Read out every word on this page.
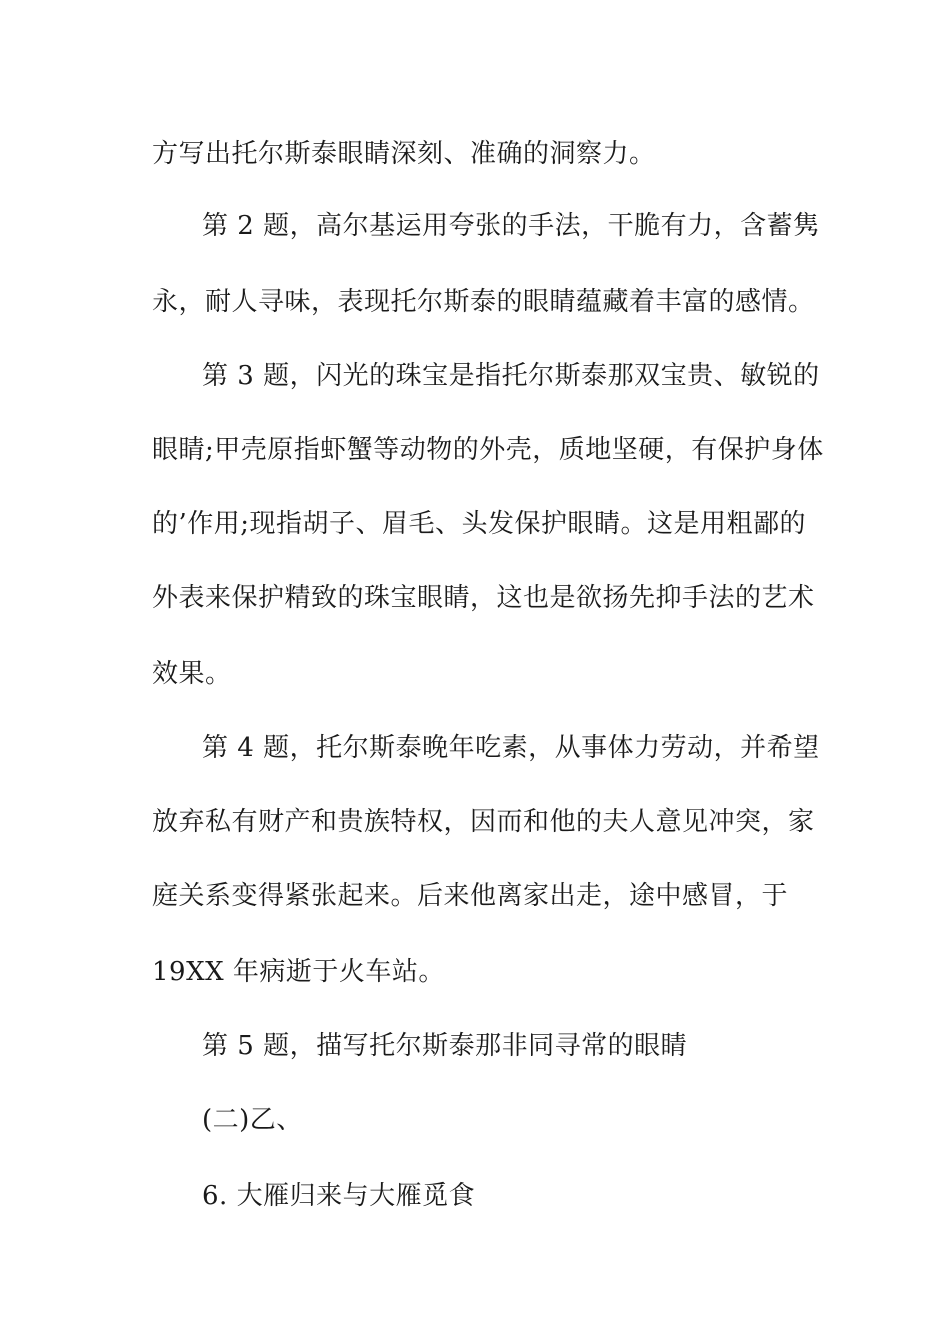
方写出托尔斯泰眼睛深刻、准确的洞察力。
第 2 题，高尔基运用夸张的手法，干脆有力，含蓄隽
永，耐人寻味，表现托尔斯泰的眼睛蕴藏着丰富的感情。
第 3 题，闪光的珠宝是指托尔斯泰那双宝贵、敏锐的
眼睛;甲壳原指虾蟹等动物的外壳，质地坚硬，有保护身体
的’作用;现指胡子、眉毛、头发保护眼睛。这是用粗鄙的
外表来保护精致的珠宝眼睛，这也是欲扬先抑手法的艺术
效果。
第 4 题，托尔斯泰晚年吃素，从事体力劳动，并希望
放弃私有财产和贵族特权，因而和他的夫人意见冲突，家
庭关系变得紧张起来。后来他离家出走，途中感冒，于
19XX 年病逝于火车站。
第 5 题，描写托尔斯泰那非同寻常的眼睛
(二)乙、
6. 大雁归来与大雁觅食
